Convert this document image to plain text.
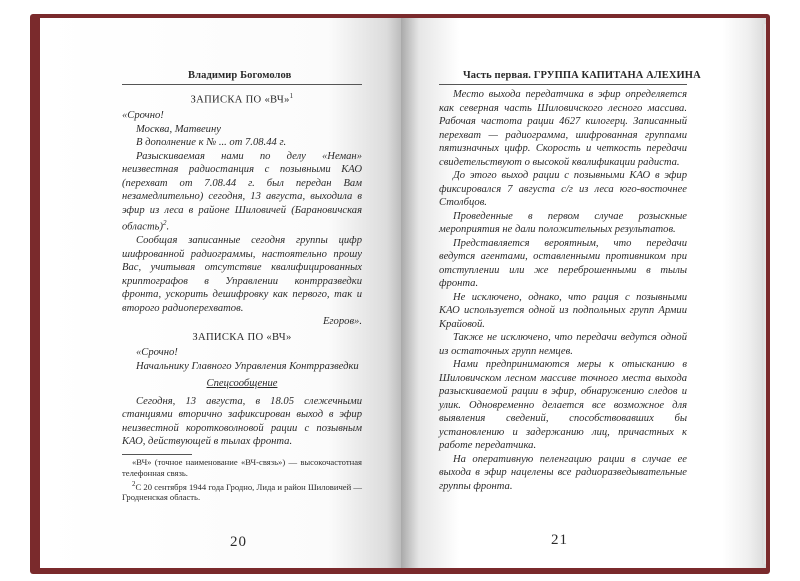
Владимир Богомолов

ЗАПИСКА ПО «ВЧ»$^1$

«Срочно!

Москва, Матвеину

В дополнение к № ... от 7.08.44 г.

Разыскиваемая нами по делу «Неман» неизвестная радиостанция с позывными КАО (перехват от 7.08.44 г. был передан Вам незамедлительно) сегодня, 13 августа, выходила в эфир из леса в районе Шиловичей (Барановичская область)$^2$.

Сообщая записанные сегодня группы цифр шифрованной радиограммы, настоятельно прошу Вас, учитывая отсутствие квалифицированных криптографов в Управлении контрразведки фронта, ускорить дешифровку как первого, так и второго радиоперехватов.

Егоров».

ЗАПИСКА ПО «ВЧ»

«Срочно!

Начальнику Главного Управления Контрразведки

Спецсообщение

Сегодня, 13 августа, в 18.05 слежечными станциями вторично зафиксирован выход в эфир неизвестной коротковолновой рации с позывным КАО, действующей в тылах фронта.

«ВЧ» (точное наименование «ВЧ-связь») — высокочастотная телефонная связь.

$^2$С 20 сентября 1944 года Гродно, Лида и район Шиловичей — Гродненская область.

20
Часть первая. ГРУППА КАПИТАНА АЛЕХИНА

Место выхода передатчика в эфир определяется как северная часть Шиловичского лесного массива. Рабочая частота рации 4627 килогерц. Записанный перехват — радиограмма, шифрованная группами пятизначных цифр. Скорость и четкость передачи свидетельствуют о высокой квалификации радиста.

До этого выход рации с позывными КАО в эфир фиксировался 7 августа с/г из леса юго-восточнее Столбцов.

Проведенные в первом случае розыскные мероприятия не дали положительных результатов.

Представляется вероятным, что передачи ведутся агентами, оставленными противником при отступлении или же переброшенными в тылы фронта.

Не исключено, однако, что рация с позывными КАО используется одной из подпольных групп Армии Крайовой.

Также не исключено, что передачи ведутся одной из остаточных групп немцев.

Нами предпринимаются меры к отысканию в Шиловичском лесном массиве точного места выхода разыскиваемой рации в эфир, обнаружению следов и улик. Одновременно делается все возможное для выявления сведений, способствовавших бы установлению и задержанию лиц, причастных к работе передатчика.

На оперативную пеленгацию рации в случае ее выхода в эфир нацелены все радиоразведывательные группы фронта.

21
